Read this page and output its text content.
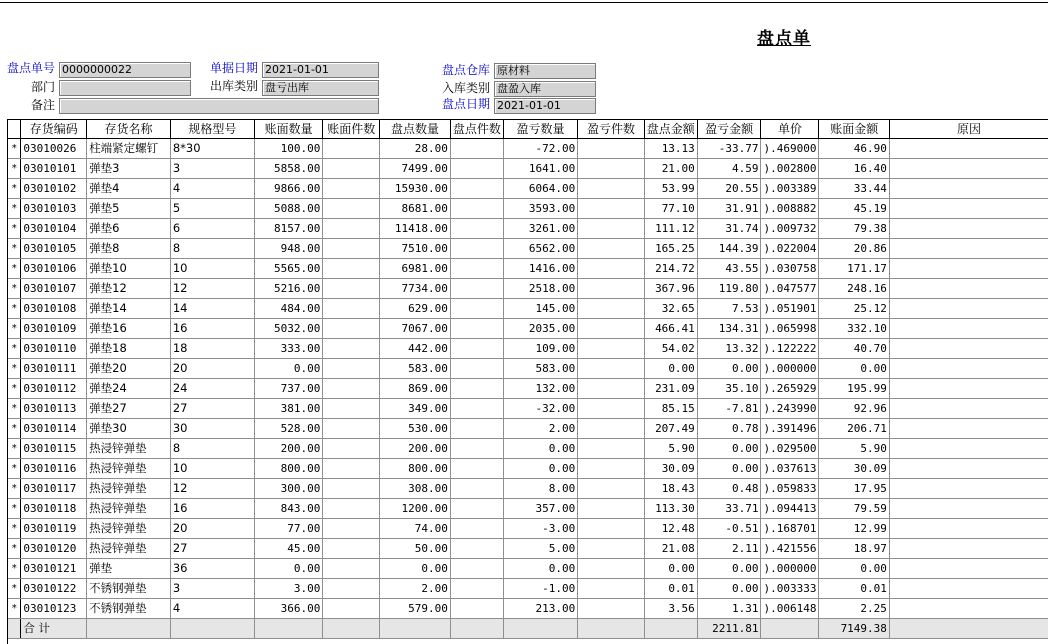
盘点单
盘点单号 0000000022
部门
备注
单据日期 2021-01-01
出库类别 盘亏出库
盘点仓库 原材料
入库类别 盘盈入库
盘点日期 2021-01-01
	存货编码	存货名称	规格型号	账面数量	账面件数	盘点数量	盘点件数	盈亏数量	盈亏件数	盘点金额	盈亏金额	单价	账面金额	原因
*	03010026	柱端紧定螺钉	8*30	100.00		28.00		-72.00		13.13	-33.77	).469000	46.90	
*	03010101	弹垫3	3	5858.00		7499.00		1641.00		21.00	4.59	).002800	16.40	
*	03010102	弹垫4	4	9866.00		15930.00		6064.00		53.99	20.55	).003389	33.44	
*	03010103	弹垫5	5	5088.00		8681.00		3593.00		77.10	31.91	).008882	45.19	
*	03010104	弹垫6	6	8157.00		11418.00		3261.00		111.12	31.74	).009732	79.38	
*	03010105	弹垫8	8	948.00		7510.00		6562.00		165.25	144.39	).022004	20.86	
*	03010106	弹垫10	10	5565.00		6981.00		1416.00		214.72	43.55	).030758	171.17	
*	03010107	弹垫12	12	5216.00		7734.00		2518.00		367.96	119.80	).047577	248.16	
*	03010108	弹垫14	14	484.00		629.00		145.00		32.65	7.53	).051901	25.12	
*	03010109	弹垫16	16	5032.00		7067.00		2035.00		466.41	134.31	).065998	332.10	
*	03010110	弹垫18	18	333.00		442.00		109.00		54.02	13.32	).122222	40.70	
*	03010111	弹垫20	20	0.00		583.00		583.00		0.00	0.00	).000000	0.00	
*	03010112	弹垫24	24	737.00		869.00		132.00		231.09	35.10	).265929	195.99	
*	03010113	弹垫27	27	381.00		349.00		-32.00		85.15	-7.81	).243990	92.96	
*	03010114	弹垫30	30	528.00		530.00		2.00		207.49	0.78	).391496	206.71	
*	03010115	热浸锌弹垫	8	200.00		200.00		0.00		5.90	0.00	).029500	5.90	
*	03010116	热浸锌弹垫	10	800.00		800.00		0.00		30.09	0.00	).037613	30.09	
*	03010117	热浸锌弹垫	12	300.00		308.00		8.00		18.43	0.48	).059833	17.95	
*	03010118	热浸锌弹垫	16	843.00		1200.00		357.00		113.30	33.71	).094413	79.59	
*	03010119	热浸锌弹垫	20	77.00		74.00		-3.00		12.48	-0.51	).168701	12.99	
*	03010120	热浸锌弹垫	27	45.00		50.00		5.00		21.08	2.11	).421556	18.97	
*	03010121	弹垫	36	0.00		0.00		0.00		0.00	0.00	).000000	0.00	
*	03010122	不锈钢弹垫	3	3.00		2.00		-1.00		0.01	0.00	).003333	0.01	
*	03010123	不锈钢弹垫	4	366.00		579.00		213.00		3.56	1.31	).006148	2.25	
	合 计										2211.81		7149.38	
